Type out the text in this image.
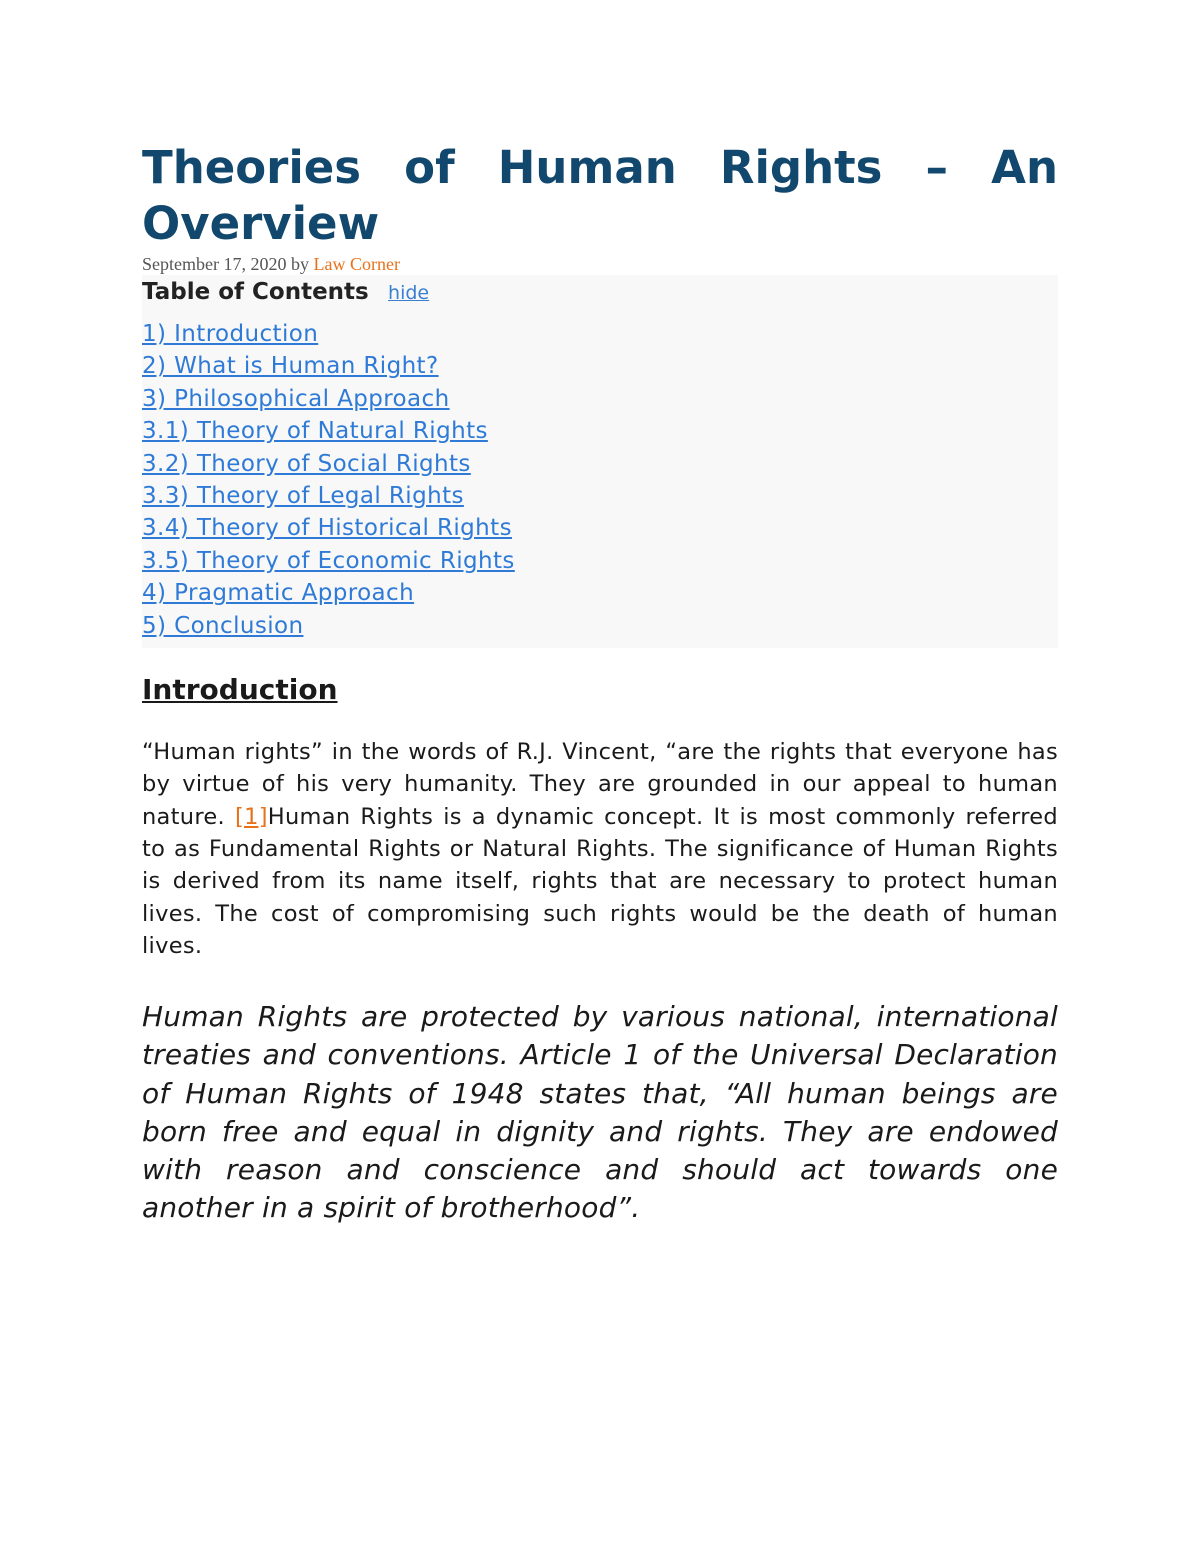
Theories of Human Rights – An Overview
September 17, 2020 by Law Corner
Table of Contents hide
1) Introduction
2) What is Human Right?
3) Philosophical Approach
3.1) Theory of Natural Rights
3.2) Theory of Social Rights
3.3) Theory of Legal Rights
3.4) Theory of Historical Rights
3.5) Theory of Economic Rights
4) Pragmatic Approach
5) Conclusion
Introduction

“Human rights” in the words of R.J. Vincent, “are the rights that everyone has by virtue of his very humanity. They are grounded in our appeal to human nature. [1]Human Rights is a dynamic concept. It is most commonly referred to as Fundamental Rights or Natural Rights. The significance of Human Rights is derived from its name itself, rights that are necessary to protect human lives. The cost of compromising such rights would be the death of human lives.

Human Rights are protected by various national, international treaties and conventions. Article 1 of the Universal Declaration of Human Rights of 1948 states that, “All human beings are born free and equal in dignity and rights. They are endowed with reason and conscience and should act towards one another in a spirit of brotherhood”.
